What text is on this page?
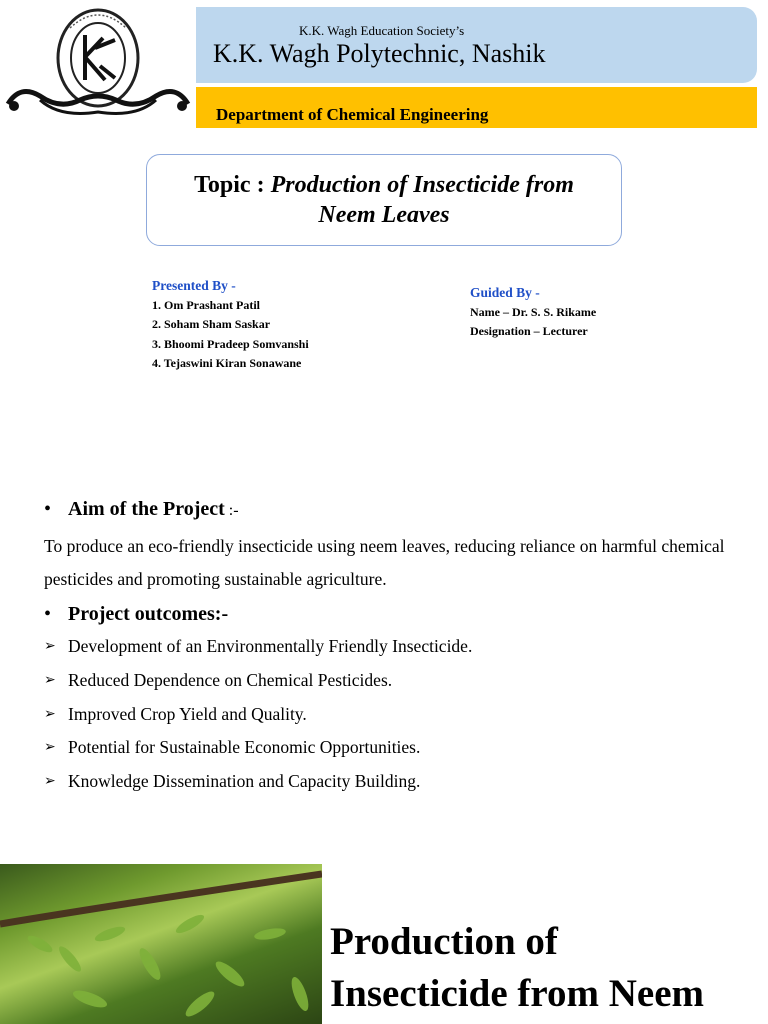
K.K. Wagh Education Society’s
K.K. Wagh Polytechnic, Nashik
Department of Chemical Engineering
Topic : Production of Insecticide from
Neem Leaves
Presented By -
1. Om Prashant Patil
2. Soham Sham Saskar
3. Bhoomi Pradeep Somvanshi
4. Tejaswini Kiran Sonawane
Guided By -
Name – Dr. S. S. Rikame
Designation – Lecturer
• Aim of the Project :-
To produce an eco-friendly insecticide using neem leaves, reducing reliance on harmful chemical pesticides and promoting sustainable agriculture.
• Project outcomes:-
➢ Development of an Environmentally Friendly Insecticide.
➢ Reduced Dependence on Chemical Pesticides.
➢ Improved Crop Yield and Quality.
➢ Potential for Sustainable Economic Opportunities.
➢ Knowledge Dissemination and Capacity Building.
Production of
Insecticide from Neem
